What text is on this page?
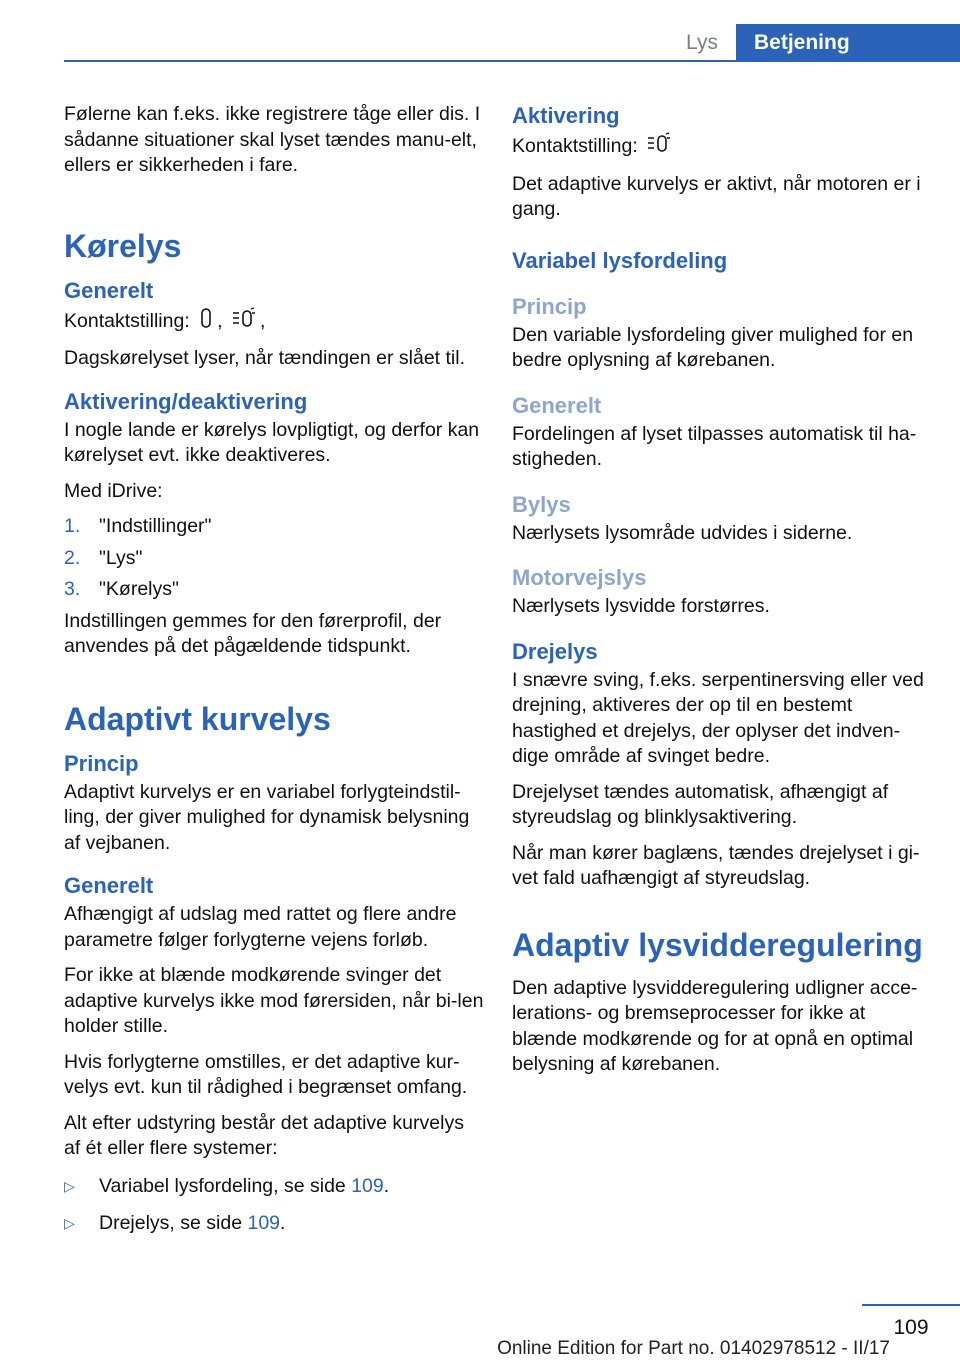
Lys	Betjening

Følerne kan f.eks. ikke registrere tåge eller dis. I sådanne situationer skal lyset tændes manu-elt, ellers er sikkerheden i fare.

Kørelys
Generelt

Kontaktstilling: , ,

Dagskørelyset lyser, når tændingen er slået til.

Aktivering/deaktivering

I nogle lande er kørelys lovpligtigt, og derfor kan kørelyset evt. ikke deaktiveres.

Med iDrive:

1. "Indstillinger"
2. "Lys"
3. "Kørelys"

Indstillingen gemmes for den førerprofil, der anvendes på det pågældende tidspunkt.

Adaptivt kurvelys
Princip

Adaptivt kurvelys er en variabel forlygteindstil-ling, der giver mulighed for dynamisk belysning af vejbanen.

Generelt

Afhængigt af udslag med rattet og flere andre parametre følger forlygterne vejens forløb.

For ikke at blænde modkørende svinger det adaptive kurvelys ikke mod førersiden, når bi-len holder stille.

Hvis forlygterne omstilles, er det adaptive kur-velys evt. kun til rådighed i begrænset omfang.

Alt efter udstyring består det adaptive kurvelys af ét eller flere systemer:

▷	Variabel lysfordeling, se side 109.
▷	Drejelys, se side 109.
Aktivering

Kontaktstilling:

Det adaptive kurvelys er aktivt, når motoren er i gang.

Variabel lysfordeling
Princip

Den variable lysfordeling giver mulighed for en bedre oplysning af kørebanen.

Generelt

Fordelingen af lyset tilpasses automatisk til ha-stigheden.

Bylys

Nærlysets lysområde udvides i siderne.

Motorvejslys

Nærlysets lysvidde forstørres.

Drejelys

I snævre sving, f.eks. serpentinersving eller ved drejning, aktiveres der op til en bestemt hastighed et drejelys, der oplyser det indven-dige område af svinget bedre.

Drejelyset tændes automatisk, afhængigt af styreudslag og blinklysaktivering.

Når man kører baglæns, tændes drejelyset i gi-vet fald uafhængigt af styreudslag.

Adaptiv lysvidderegulering

Den adaptive lysvidderegulering udligner acce-lerations- og bremseprocesser for ikke at blænde modkørende og for at opnå en optimal belysning af kørebanen.

109
Online Edition for Part no. 01402978512 - II/17
